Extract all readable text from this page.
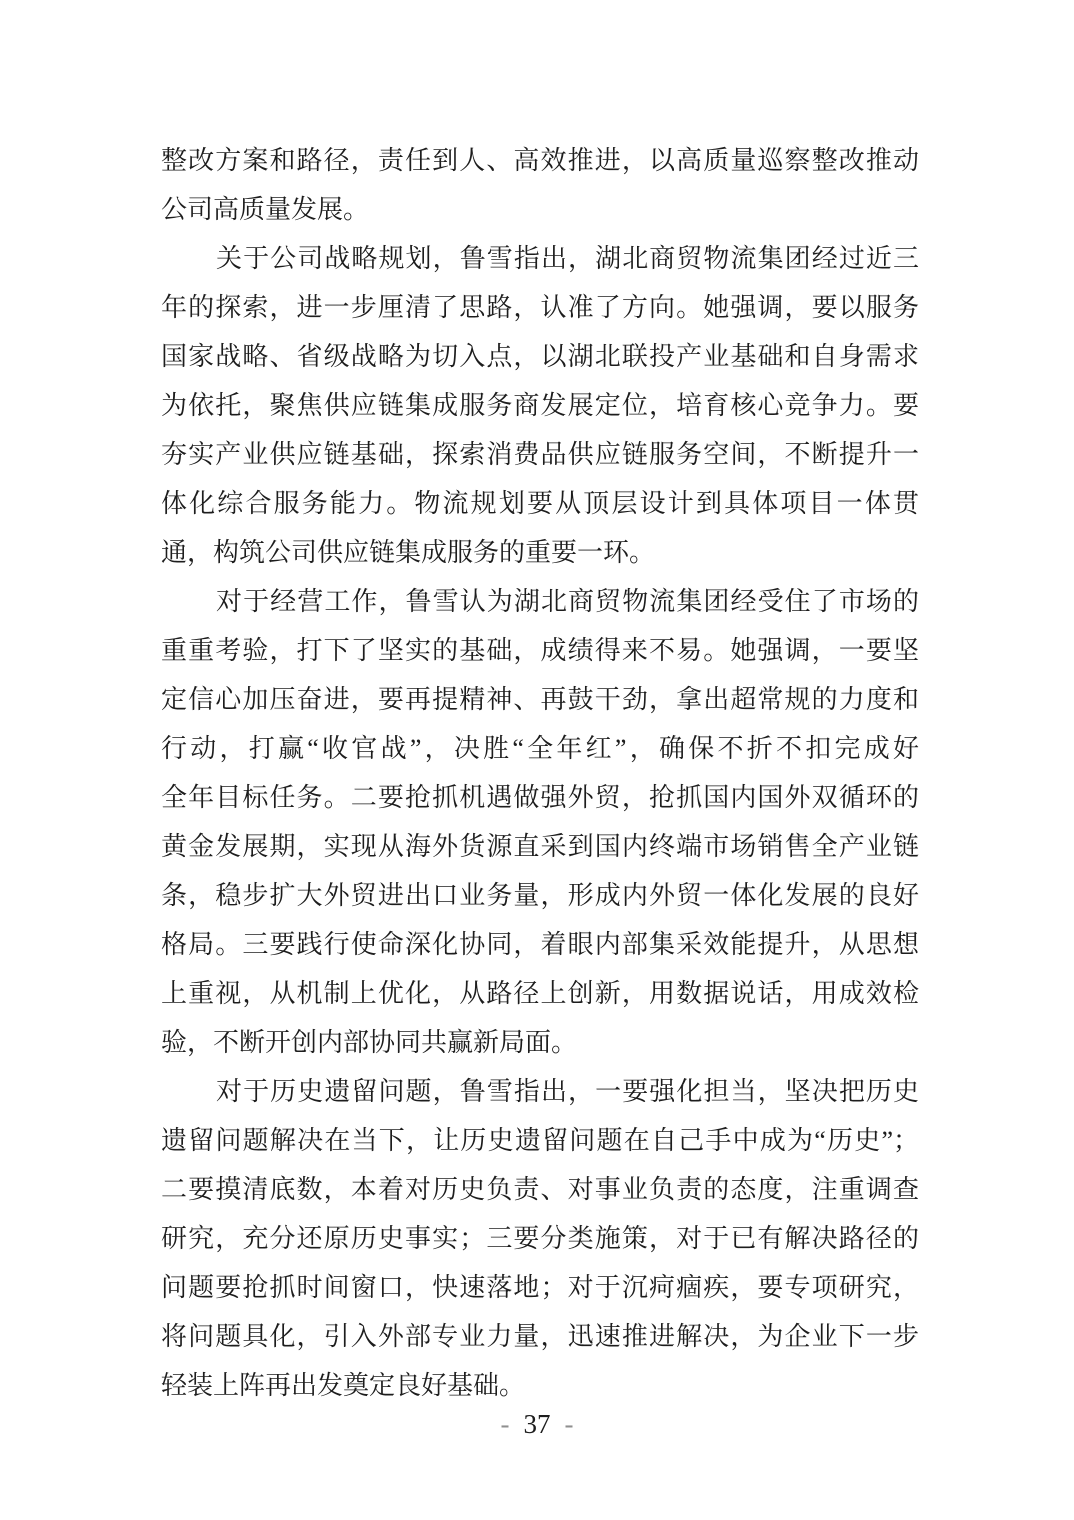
整改方案和路径，责任到人、高效推进，以高质量巡察整改推动
公司高质量发展。
关于公司战略规划，鲁雪指出，湖北商贸物流集团经过近三
年的探索，进一步厘清了思路，认准了方向。她强调，要以服务
国家战略、省级战略为切入点，以湖北联投产业基础和自身需求
为依托，聚焦供应链集成服务商发展定位，培育核心竞争力。要
夯实产业供应链基础，探索消费品供应链服务空间，不断提升一
体化综合服务能力。物流规划要从顶层设计到具体项目一体贯
通，构筑公司供应链集成服务的重要一环。
对于经营工作，鲁雪认为湖北商贸物流集团经受住了市场的
重重考验，打下了坚实的基础，成绩得来不易。她强调，一要坚
定信心加压奋进，要再提精神、再鼓干劲，拿出超常规的力度和
行动，打赢“收官战”，决胜“全年红”，确保不折不扣完成好
全年目标任务。二要抢抓机遇做强外贸，抢抓国内国外双循环的
黄金发展期，实现从海外货源直采到国内终端市场销售全产业链
条，稳步扩大外贸进出口业务量，形成内外贸一体化发展的良好
格局。三要践行使命深化协同，着眼内部集采效能提升，从思想
上重视，从机制上优化，从路径上创新，用数据说话，用成效检
验，不断开创内部协同共赢新局面。
对于历史遗留问题，鲁雪指出，一要强化担当，坚决把历史
遗留问题解决在当下，让历史遗留问题在自己手中成为“历史”；
二要摸清底数，本着对历史负责、对事业负责的态度，注重调查
研究，充分还原历史事实；三要分类施策，对于已有解决路径的
问题要抢抓时间窗口，快速落地；对于沉疴痼疾，要专项研究，
将问题具化，引入外部专业力量，迅速推进解决，为企业下一步
轻装上阵再出发奠定良好基础。
- 37 -
